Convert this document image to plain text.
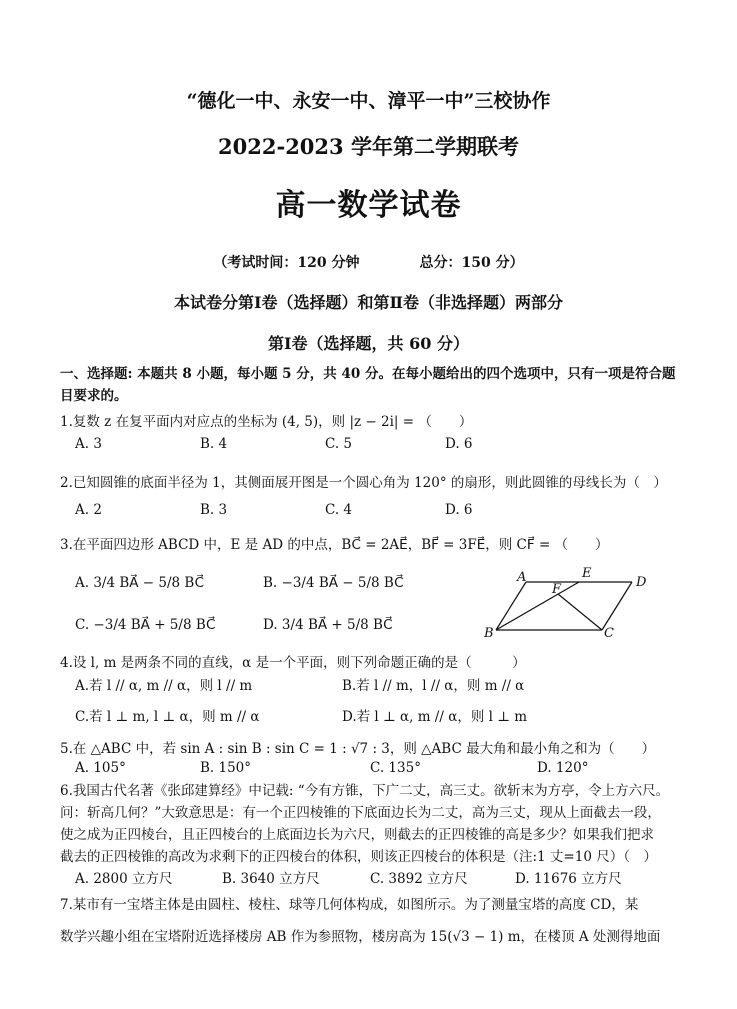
“德化一中、永安一中、漳平一中”三校协作
2022-2023 学年第二学期联考
高一数学试卷
（考试时间：120 分钟	总分：150 分）
本试卷分第Ⅰ卷（选择题）和第Ⅱ卷（非选择题）两部分
第Ⅰ卷（选择题，共 60 分）
一、选择题: 本题共 8 小题，每小题 5 分，共 40 分。在每小题给出的四个选项中，只有一项是符合题
目要求的。
1.复数 z 在复平面内对应点的坐标为 (4, 5)，则 |z − 2i| = （　　）
A. 3	B. 4	C. 5	D. 6
2.已知圆锥的底面半径为 1，其侧面展开图是一个圆心角为 120° 的扇形，则此圆锥的母线长为（　）
A. 2	B. 3	C. 4	D. 6
3.在平面四边形 ABCD 中，E 是 AD 的中点，BC⃗ = 2AE⃗，BF⃗ = 3FE⃗，则 CF⃗ = （　　）
A. 3/4 BA⃗ − 5/8 BC⃗	B. −3/4 BA⃗ − 5/8 BC⃗
C. −3/4 BA⃗ + 5/8 BC⃗	D. 3/4 BA⃗ + 5/8 BC⃗
A	E
D
F
B	C
4.设 l, m 是两条不同的直线，α 是一个平面，则下列命题正确的是（　　　）
A.若 l // α, m // α，则 l // m	B.若 l // m，l // α，则 m // α
C.若 l ⊥ m, l ⊥ α，则 m // α	D.若 l ⊥ α, m // α，则 l ⊥ m
5.在 △ABC 中，若 sin A : sin B : sin C = 1 : √7 : 3，则 △ABC 最大角和最小角之和为（　　）
A. 105°	B. 150°	C. 135°	D. 120°
6.我国古代名著《张邱建算经》中记载: “今有方锥，下广二丈，高三丈。欲斩末为方亭，令上方六尺。
问：斩高几何？”大致意思是：有一个正四棱锥的下底面边长为二丈，高为三丈，现从上面截去一段，
使之成为正四棱台，且正四棱台的上底面边长为六尺，则截去的正四棱锥的高是多少？如果我们把求
截去的正四棱锥的高改为求剩下的正四棱台的体积，则该正四棱台的体积是（注:1 丈=10 尺）（　）
A. 2800 立方尺	B. 3640 立方尺	C. 3892 立方尺	D. 11676 立方尺
7.某市有一宝塔主体是由圆柱、棱柱、球等几何体构成，如图所示。为了测量宝塔的高度 CD，某
数学兴趣小组在宝塔附近选择楼房 AB 作为参照物，楼房高为 15(√3 − 1) m，在楼顶 A 处测得地面
